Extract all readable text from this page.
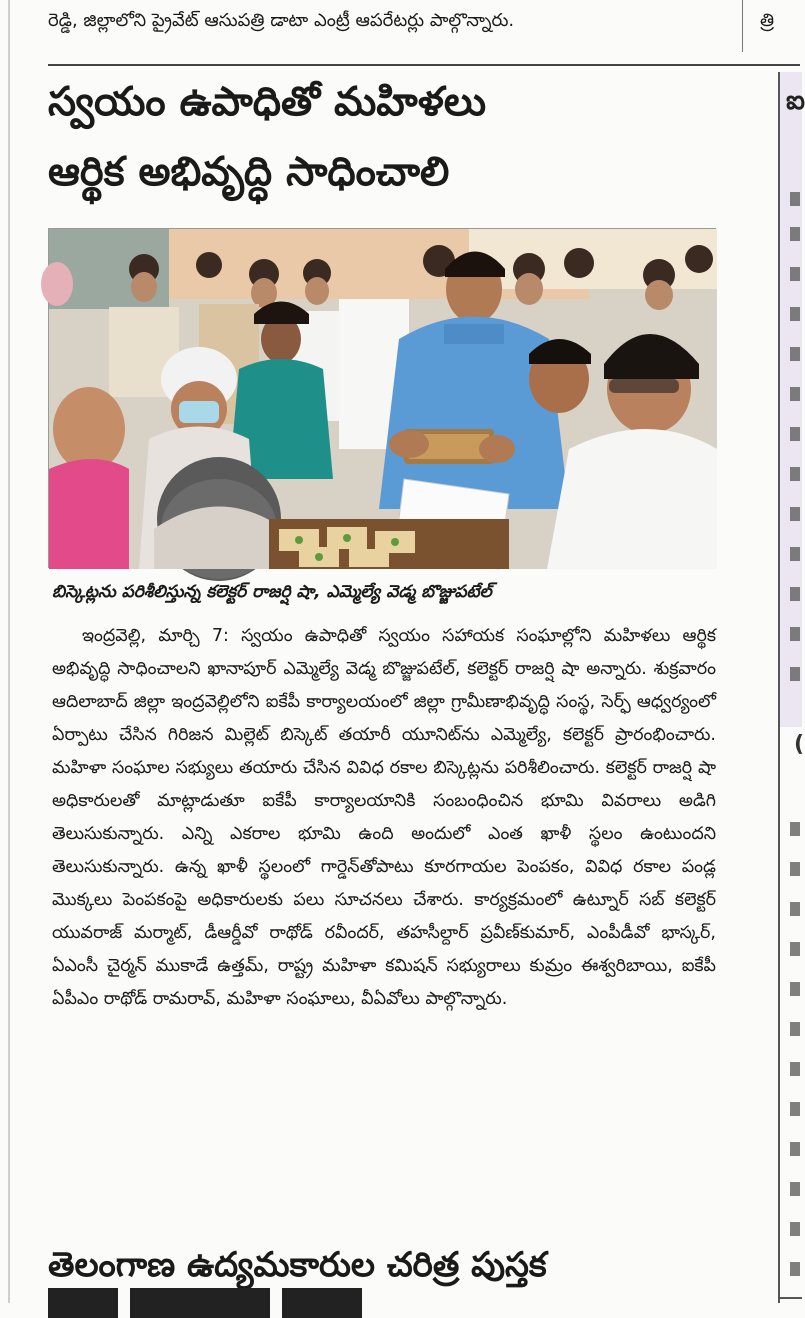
రెడ్డి, జిల్లాలోని ప్రైవేట్ ఆసుపత్రి డాటా ఎంట్రీ ఆపరేటర్లు పాల్గొన్నారు.	త్రి
స్వయం ఉపాధితో మహిళలు
ఆర్థిక అభివృద్ధి సాధించాలి
బిస్కెట్లను పరిశీలిస్తున్న కలెక్టర్ రాజర్షి షా, ఎమ్మెల్యే వెడ్మ బొజ్జుపటేల్

ఇంద్రవెల్లి, మార్చి 7: స్వయం ఉపాధితో స్వయం సహాయక సంఘాల్లోని మహిళలు ఆర్థిక అభివృద్ధి సాధించాలని ఖానాపూర్ ఎమ్మెల్యే వెడ్మ బొజ్జుపటేల్, కలెక్టర్ రాజర్షి షా అన్నారు. శుక్రవారం ఆదిలాబాద్ జిల్లా ఇంద్రవెల్లిలోని ఐకేపీ కార్యాలయంలో జిల్లా గ్రామీణాభివృద్ధి సంస్థ, సెర్ఫ్ ఆధ్వర్యంలో ఏర్పాటు చేసిన గిరిజన మిల్లెట్ బిస్కెట్ తయారీ యూనిట్‌ను ఎమ్మెల్యే, కలెక్టర్ ప్రారంభించారు. మహిళా సంఘాల సభ్యులు తయారు చేసిన వివిధ రకాల బిస్కెట్లను పరిశీలించారు. కలెక్టర్ రాజర్షి షా అధికారులతో మాట్లాడుతూ ఐకేపీ కార్యాలయానికి సంబంధించిన భూమి వివరాలు అడిగి తెలుసుకున్నారు. ఎన్ని ఎకరాల భూమి ఉంది అందులో ఎంత ఖాళీ స్థలం ఉంటుందని తెలుసుకున్నారు. ఉన్న ఖాళీ స్థలంలో గార్డెన్‌తోపాటు కూరగాయల పెంపకం, వివిధ రకాల పండ్ల మొక్కలు పెంపకంపై అధికారులకు పలు సూచనలు చేశారు. కార్యక్రమంలో ఉట్నూర్ సబ్ కలెక్టర్ యువరాజ్ మర్మాట్, డీఆర్డీవో రాథోడ్ రవీందర్, తహసీల్దార్ ప్రవీణ్‌కుమార్, ఎంపీడీవో భాస్కర్, ఏఎంసీ చైర్మన్ ముకాడే ఉత్తమ్, రాష్ట్ర మహిళా కమిషన్ సభ్యురాలు కుమ్రం ఈశ్వరిబాయి, ఐకేపీ ఏపీఎం రాథోడ్ రామరావ్, మహిళా సంఘాలు, వీఏవోలు పాల్గొన్నారు.

తెలంగాణ ఉద్యమకారుల చరిత్ర పుస్తక
ఐ
(
